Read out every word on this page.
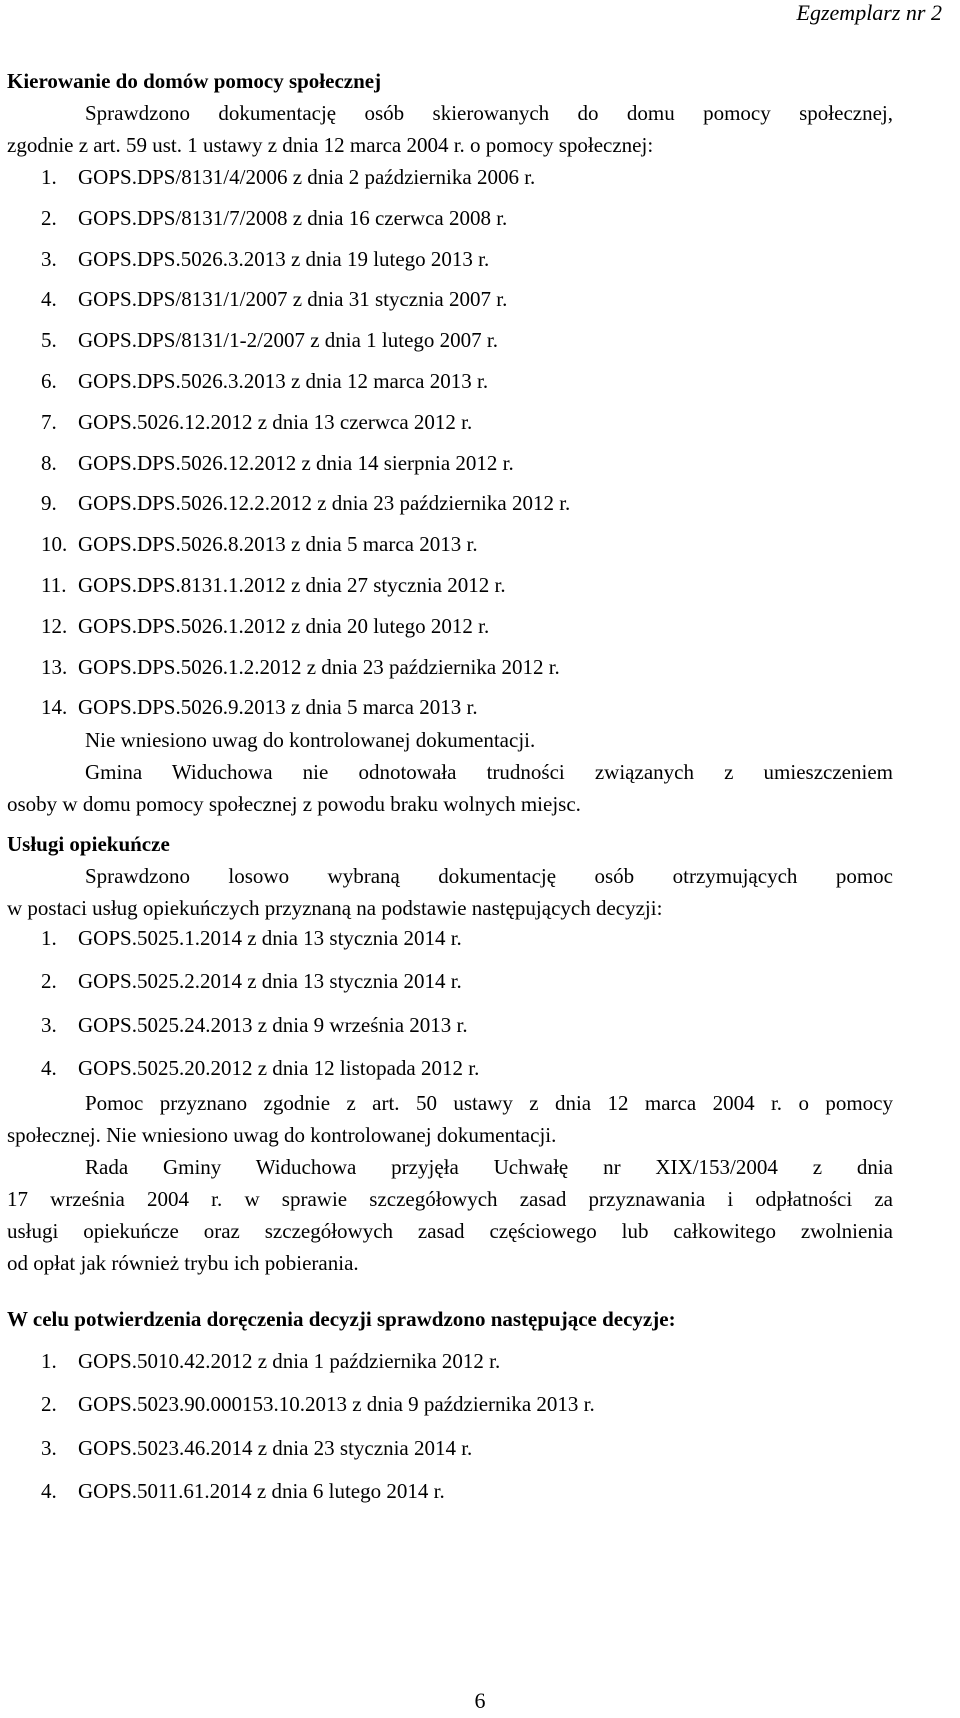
Egzemplarz nr 2
Kierowanie do domów pomocy społecznej
Sprawdzono dokumentację osób skierowanych do domu pomocy społecznej,
zgodnie z art. 59 ust. 1 ustawy z dnia 12 marca 2004 r. o pomocy społecznej:
1.	GOPS.DPS/8131/4/2006 z dnia 2 października 2006 r.
2.	GOPS.DPS/8131/7/2008 z dnia 16 czerwca 2008 r.
3.	GOPS.DPS.5026.3.2013 z dnia 19 lutego 2013 r.
4.	GOPS.DPS/8131/1/2007 z dnia 31 stycznia 2007 r.
5.	GOPS.DPS/8131/1-2/2007 z dnia 1 lutego 2007 r.
6.	GOPS.DPS.5026.3.2013 z dnia 12 marca 2013 r.
7.	GOPS.5026.12.2012 z dnia 13 czerwca 2012 r.
8.	GOPS.DPS.5026.12.2012 z dnia 14 sierpnia 2012 r.
9.	GOPS.DPS.5026.12.2.2012 z dnia 23 października 2012 r.
10. GOPS.DPS.5026.8.2013 z dnia 5 marca 2013 r.
11. GOPS.DPS.8131.1.2012 z dnia 27 stycznia 2012 r.
12. GOPS.DPS.5026.1.2012 z dnia 20 lutego 2012 r.
13. GOPS.DPS.5026.1.2.2012 z dnia 23 października 2012 r.
14. GOPS.DPS.5026.9.2013 z dnia 5 marca 2013 r.
Nie wniesiono uwag do kontrolowanej dokumentacji.
Gmina Widuchowa nie odnotowała trudności związanych z umieszczeniem
osoby w domu pomocy społecznej z powodu braku wolnych miejsc.
Usługi opiekuńcze
Sprawdzono losowo wybraną dokumentację osób otrzymujących pomoc
w postaci usług opiekuńczych przyznaną na podstawie następujących decyzji:
1.	GOPS.5025.1.2014 z dnia 13 stycznia 2014 r.
2.	GOPS.5025.2.2014 z dnia 13 stycznia 2014 r.
3.	GOPS.5025.24.2013 z dnia 9 września 2013 r.
4.	GOPS.5025.20.2012 z dnia 12 listopada 2012 r.
Pomoc przyznano zgodnie z art. 50 ustawy z dnia 12 marca 2004 r. o pomocy
społecznej. Nie wniesiono uwag do kontrolowanej dokumentacji.
Rada Gminy Widuchowa przyjęła Uchwałę nr XIX/153/2004 z dnia
17 września 2004 r. w sprawie szczegółowych zasad przyznawania i odpłatności za
usługi opiekuńcze oraz szczegółowych zasad częściowego lub całkowitego zwolnienia
od opłat jak również trybu ich pobierania.
W celu potwierdzenia doręczenia decyzji sprawdzono następujące decyzje:
1.	GOPS.5010.42.2012 z dnia 1 października 2012 r.
2.	GOPS.5023.90.000153.10.2013 z dnia 9 października 2013 r.
3.	GOPS.5023.46.2014 z dnia 23 stycznia 2014 r.
4.	GOPS.5011.61.2014 z dnia 6 lutego 2014 r.
6
